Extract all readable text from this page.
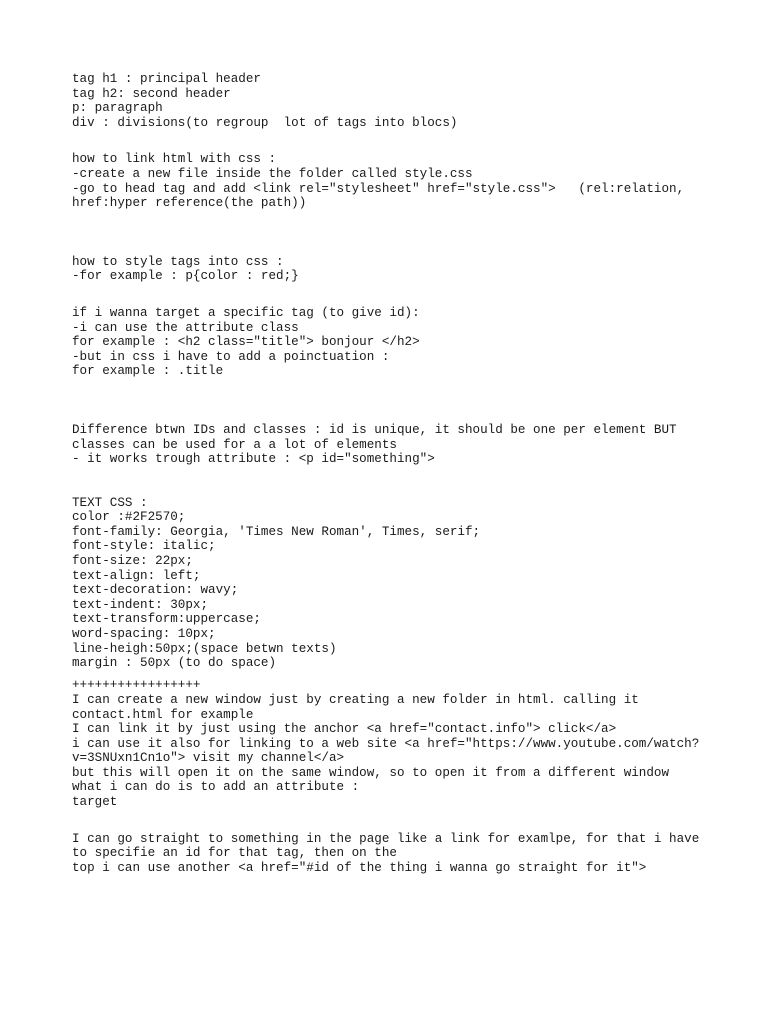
tag h1 : principal header
tag h2: second header
p: paragraph
div : divisions(to regroup  lot of tags into blocs)
how to link html with css :
-create a new file inside the folder called style.css
-go to head tag and add <link rel="stylesheet" href="style.css">   (rel:relation,
href:hyper reference(the path))
how to style tags into css :
-for example : p{color : red;}
if i wanna target a specific tag (to give id):
-i can use the attribute class
for example : <h2 class="title"> bonjour </h2>
-but in css i have to add a poinctuation :
for example : .title
Difference btwn IDs and classes : id is unique, it should be one per element BUT
classes can be used for a a lot of elements
- it works trough attribute : <p id="something">
TEXT CSS :
color :#2F2570;
font-family: Georgia, 'Times New Roman', Times, serif;
font-style: italic;
font-size: 22px;
text-align: left;
text-decoration: wavy;
text-indent: 30px;
text-transform:uppercase;
word-spacing: 10px;
line-heigh:50px;(space betwn texts)
margin : 50px (to do space)
+++++++++++++++++
I can create a new window just by creating a new folder in html. calling it
contact.html for example
I can link it by just using the anchor <a href="contact.info"> click</a>
i can use it also for linking to a web site <a href="https://www.youtube.com/watch?
v=3SNUxn1Cn1o"> visit my channel</a>
but this will open it on the same window, so to open it from a different window
what i can do is to add an attribute :
target
I can go straight to something in the page like a link for examlpe, for that i have
to specifie an id for that tag, then on the
top i can use another <a href="#id of the thing i wanna go straight for it">
